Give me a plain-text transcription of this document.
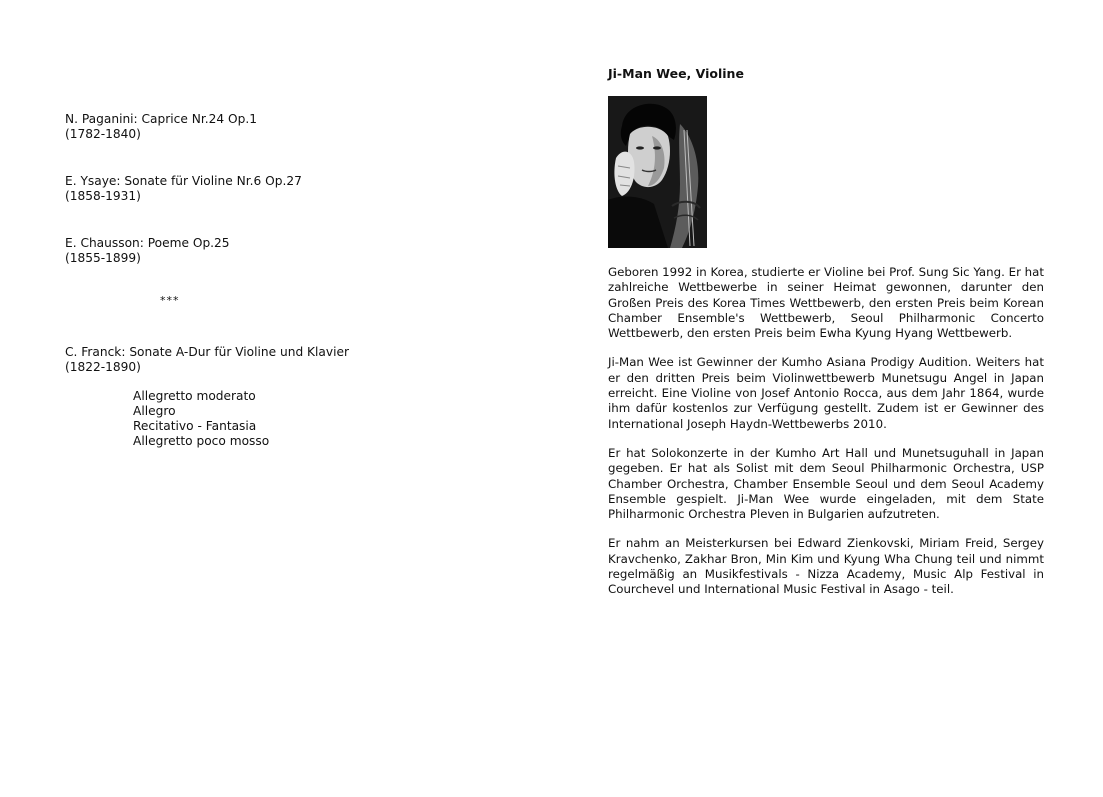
N. Paganini: Caprice Nr.24 Op.1
(1782-1840)
E. Ysaye: Sonate für Violine Nr.6 Op.27
(1858-1931)
E. Chausson: Poeme Op.25
(1855-1899)
***
C. Franck: Sonate A-Dur für Violine und Klavier
(1822-1890)
Allegretto moderato
Allegro
Recitativo - Fantasia
Allegretto poco mosso
Ji-Man Wee, Violine

Geboren 1992 in Korea, studierte er Violine bei Prof. Sung Sic Yang. Er hat zahlreiche Wettbewerbe in seiner Heimat gewonnen, darunter den Großen Preis des Korea Times Wettbewerb, den ersten Preis beim Korean Chamber Ensemble's Wettbewerb, Seoul Philharmonic Concerto Wettbewerb, den ersten Preis beim Ewha Kyung Hyang Wettbewerb.

Ji-Man Wee ist Gewinner der Kumho Asiana Prodigy Audition. Weiters hat er den dritten Preis beim Violinwettbewerb Munetsugu Angel in Japan erreicht. Eine Violine von Josef Antonio Rocca, aus dem Jahr 1864, wurde ihm dafür kostenlos zur Verfügung gestellt. Zudem ist er Gewinner des International Joseph Haydn-Wettbewerbs 2010.

Er hat Solokonzerte in der Kumho Art Hall und Munetsuguhall in Japan gegeben. Er hat als Solist mit dem Seoul Philharmonic Orchestra, USP Chamber Orchestra, Chamber Ensemble Seoul und dem Seoul Academy Ensemble gespielt. Ji-Man Wee wurde eingeladen, mit dem State Philharmonic Orchestra Pleven in Bulgarien aufzutreten.

Er nahm an Meisterkursen bei Edward Zienkovski, Miriam Freid, Sergey Kravchenko, Zakhar Bron, Min Kim und Kyung Wha Chung teil und nimmt regelmäßig an Musikfestivals - Nizza Academy, Music Alp Festival in Courchevel und International Music Festival in Asago - teil.
